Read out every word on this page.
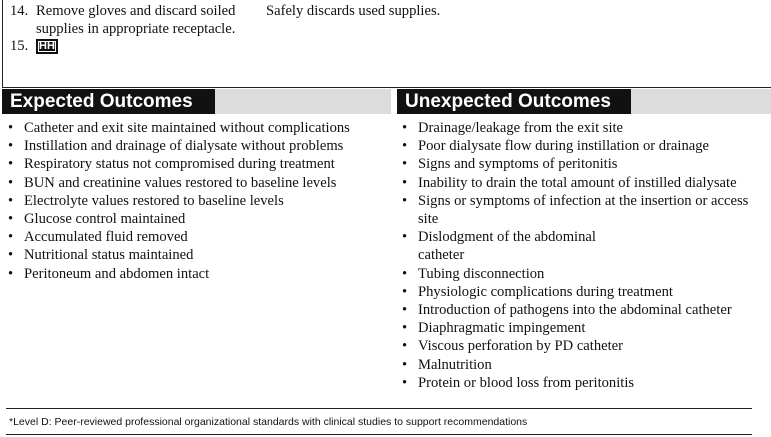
14. Remove gloves and discard soiled supplies in appropriate receptacle.
Safely discards used supplies.
15. HH
Expected Outcomes	Unexpected Outcomes
• Catheter and exit site maintained without complications
• Instillation and drainage of dialysate without problems
• Respiratory status not compromised during treatment
• BUN and creatinine values restored to baseline levels
• Electrolyte values restored to baseline levels
• Glucose control maintained
• Accumulated fluid removed
• Nutritional status maintained
• Peritoneum and abdomen intact
• Drainage/leakage from the exit site
• Poor dialysate flow during instillation or drainage
• Signs and symptoms of peritonitis
• Inability to drain the total amount of instilled dialysate
• Signs or symptoms of infection at the insertion or access site
• Dislodgment of the abdominal catheter
• Tubing disconnection
• Physiologic complications during treatment
• Introduction of pathogens into the abdominal catheter
• Diaphragmatic impingement
• Viscous perforation by PD catheter
• Malnutrition
• Protein or blood loss from peritonitis
*Level D: Peer-reviewed professional organizational standards with clinical studies to support recommendations
